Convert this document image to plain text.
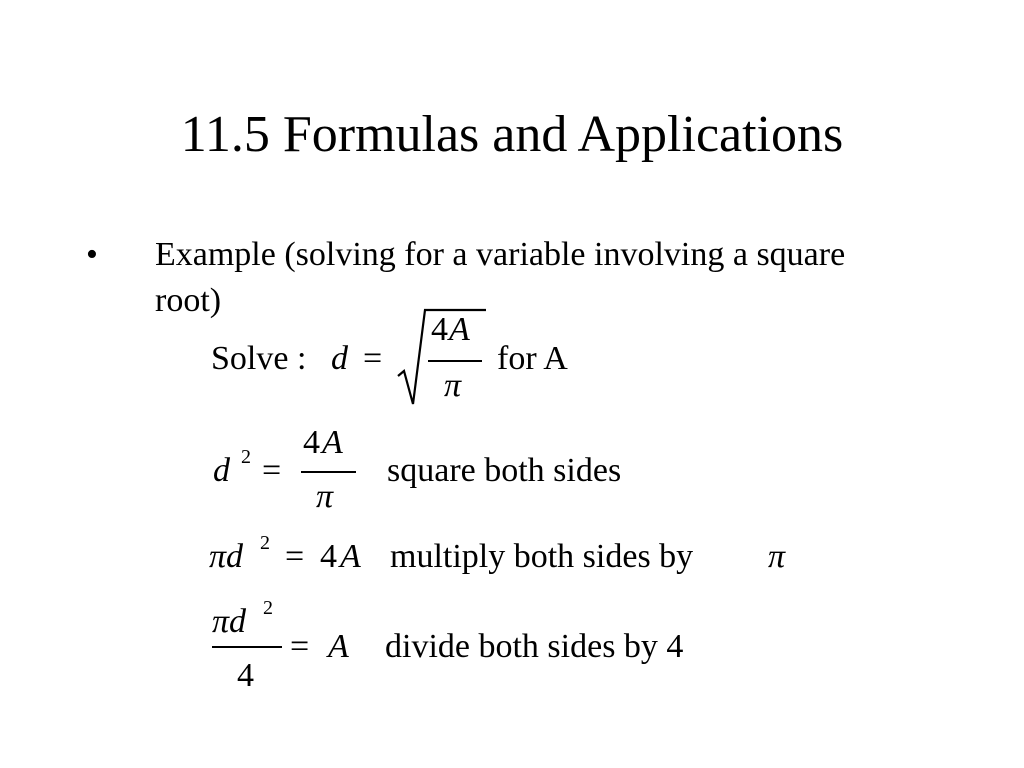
11.5 Formulas and Applications
• Example (solving for a variable involving a square root)
Solve : d =
4 A
π
for A
d 2 =
4 A
π
square both sides
πd 2 = 4 A multiply both sides by π
πd 2
4
= A divide both sides by 4
